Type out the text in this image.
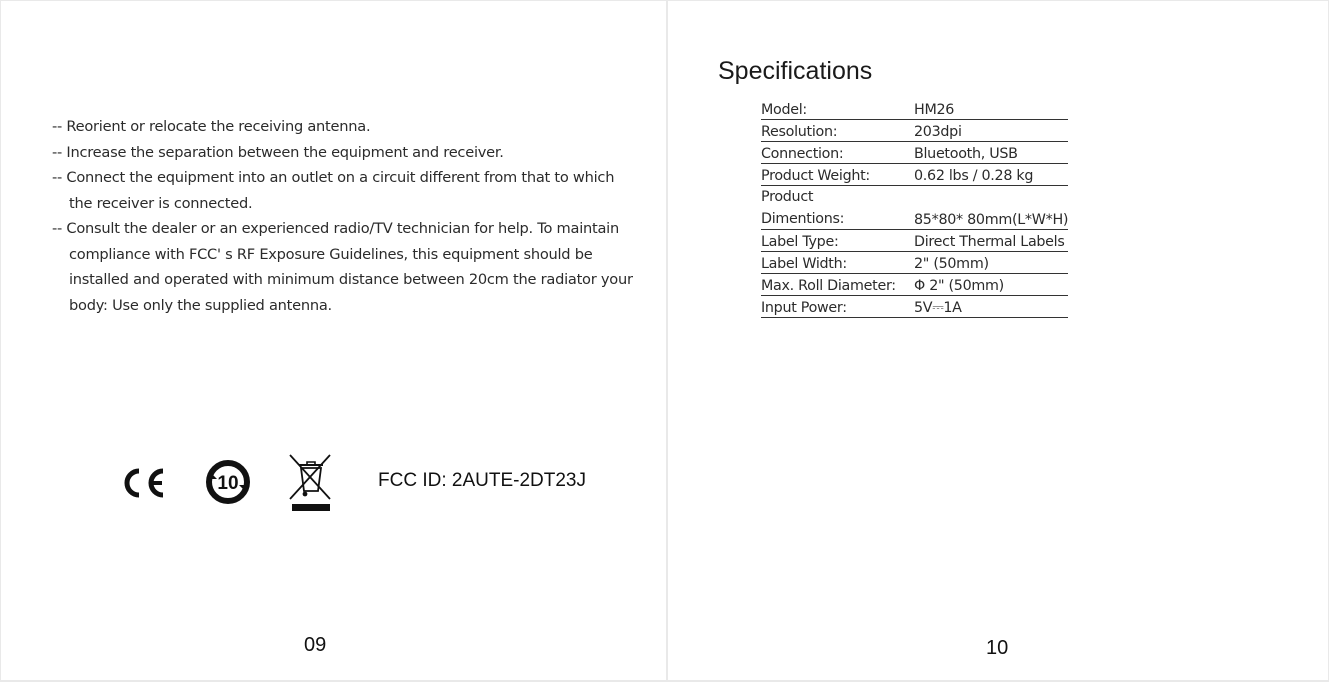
-- Reorient or relocate the receiving antenna.
-- Increase the separation between the equipment and receiver.
-- Connect the equipment into an outlet on a circuit different from that to which
the receiver is connected.
-- Consult the dealer or an experienced radio/TV technician for help. To maintain
compliance with FCC' s RF Exposure Guidelines, this equipment should be
installed and operated with minimum distance between 20cm the radiator your
body: Use only the supplied antenna.
CE
10	FCC ID: 2AUTE-2DT23J
09
Specifications
Model:	HM26
Resolution:	203dpi
Connection:	Bluetooth, USB
Product Weight:	0.62 lbs / 0.28 kg
Product
Dimentions:	85*80* 80mm(L*W*H)
Label Type:	Direct Thermal Labels
Label Width:	2" (50mm)
Max. Roll Diameter:	Φ 2" (50mm)
Input Power:	5V⎓1A
10
